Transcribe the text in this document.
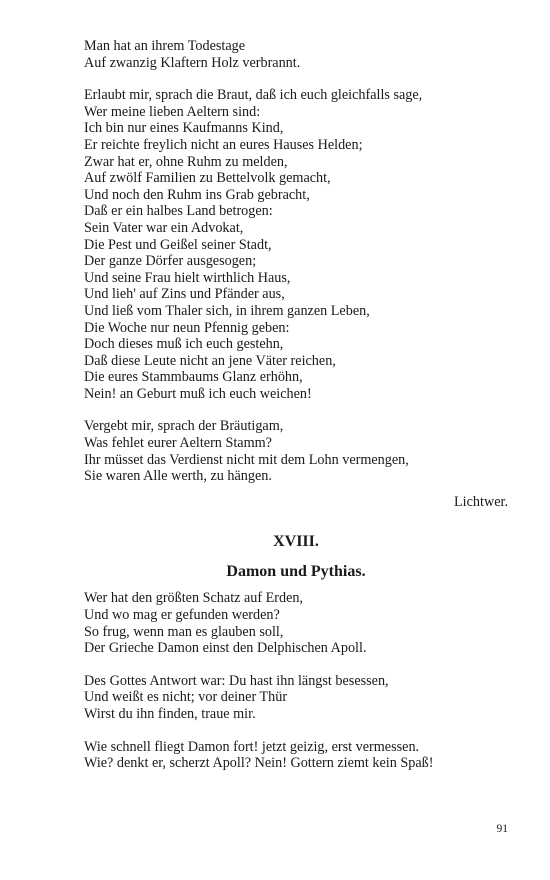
Man hat an ihrem Todestage
Auf zwanzig Klaftern Holz verbrannt.
Erlaubt mir, sprach die Braut, daß ich euch gleichfalls sage,
Wer meine lieben Aeltern sind:
Ich bin nur eines Kaufmanns Kind,
Er reichte freylich nicht an eures Hauses Helden;
Zwar hat er, ohne Ruhm zu melden,
Auf zwölf Familien zu Bettelvolk gemacht,
Und noch den Ruhm ins Grab gebracht,
Daß er ein halbes Land betrogen:
Sein Vater war ein Advokat,
Die Pest und Geißel seiner Stadt,
Der ganze Dörfer ausgesogen;
Und seine Frau hielt wirthlich Haus,
Und lieh' auf Zins und Pfänder aus,
Und ließ vom Thaler sich, in ihrem ganzen Leben,
Die Woche nur neun Pfennig geben:
Doch dieses muß ich euch gestehn,
Daß diese Leute nicht an jene Väter reichen,
Die eures Stammbaums Glanz erhöhn,
Nein! an Geburt muß ich euch weichen!
Vergebt mir, sprach der Bräutigam,
Was fehlet eurer Aeltern Stamm?
Ihr müsset das Verdienst nicht mit dem Lohn vermengen,
Sie waren Alle werth, zu hängen.
Lichtwer.
XVIII.
Damon und Pythias.
Wer hat den größten Schatz auf Erden,
Und wo mag er gefunden werden?
So frug, wenn man es glauben soll,
Der Grieche Damon einst den Delphischen Apoll.
Des Gottes Antwort war: Du hast ihn längst besessen,
Und weißt es nicht; vor deiner Thür
Wirst du ihn finden, traue mir.
Wie schnell fliegt Damon fort! jetzt geizig, erst vermessen.
Wie? denkt er, scherzt Apoll? Nein! Gottern ziemt kein Spaß!
91
